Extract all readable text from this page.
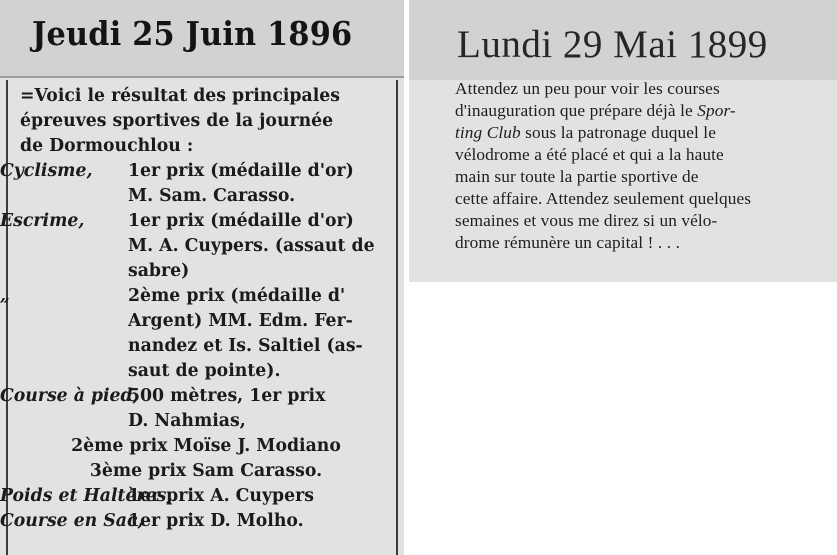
Jeudi 25 Juin 1896
=Voici le résultat des principales
épreuves sportives de la journée
de Dormouchlou :
Cyclisme, 1er prix (médaille d'or)
M. Sam. Carasso.
Escrime,	1er prix (médaille d'or)
M. A. Cuypers. (assaut de
sabre)
„	2ème prix (médaille d'
Argent) MM. Edm. Fer-
nandez et Is. Saltiel (as-
saut de pointe).
Course à pied,500 mètres, 1er prix
D. Nahmias,
2ème prix Moïse J. Modiano
3ème prix Sam Carasso.
Poids et Haltères,1er prix A. Cuypers
Course en Sac,1er prix D. Molho.
Lundi 29 Mai 1899
Attendez un peu pour voir les courses
d'inauguration que prépare déjà le Spor-
ting Club sous la patronage duquel le
vélodrome a été placé et qui a la haute
main sur toute la partie sportive de
cette affaire. Attendez seulement quelques
semaines et vous me direz si un vélo-
drome rémunère un capital ! . . .
